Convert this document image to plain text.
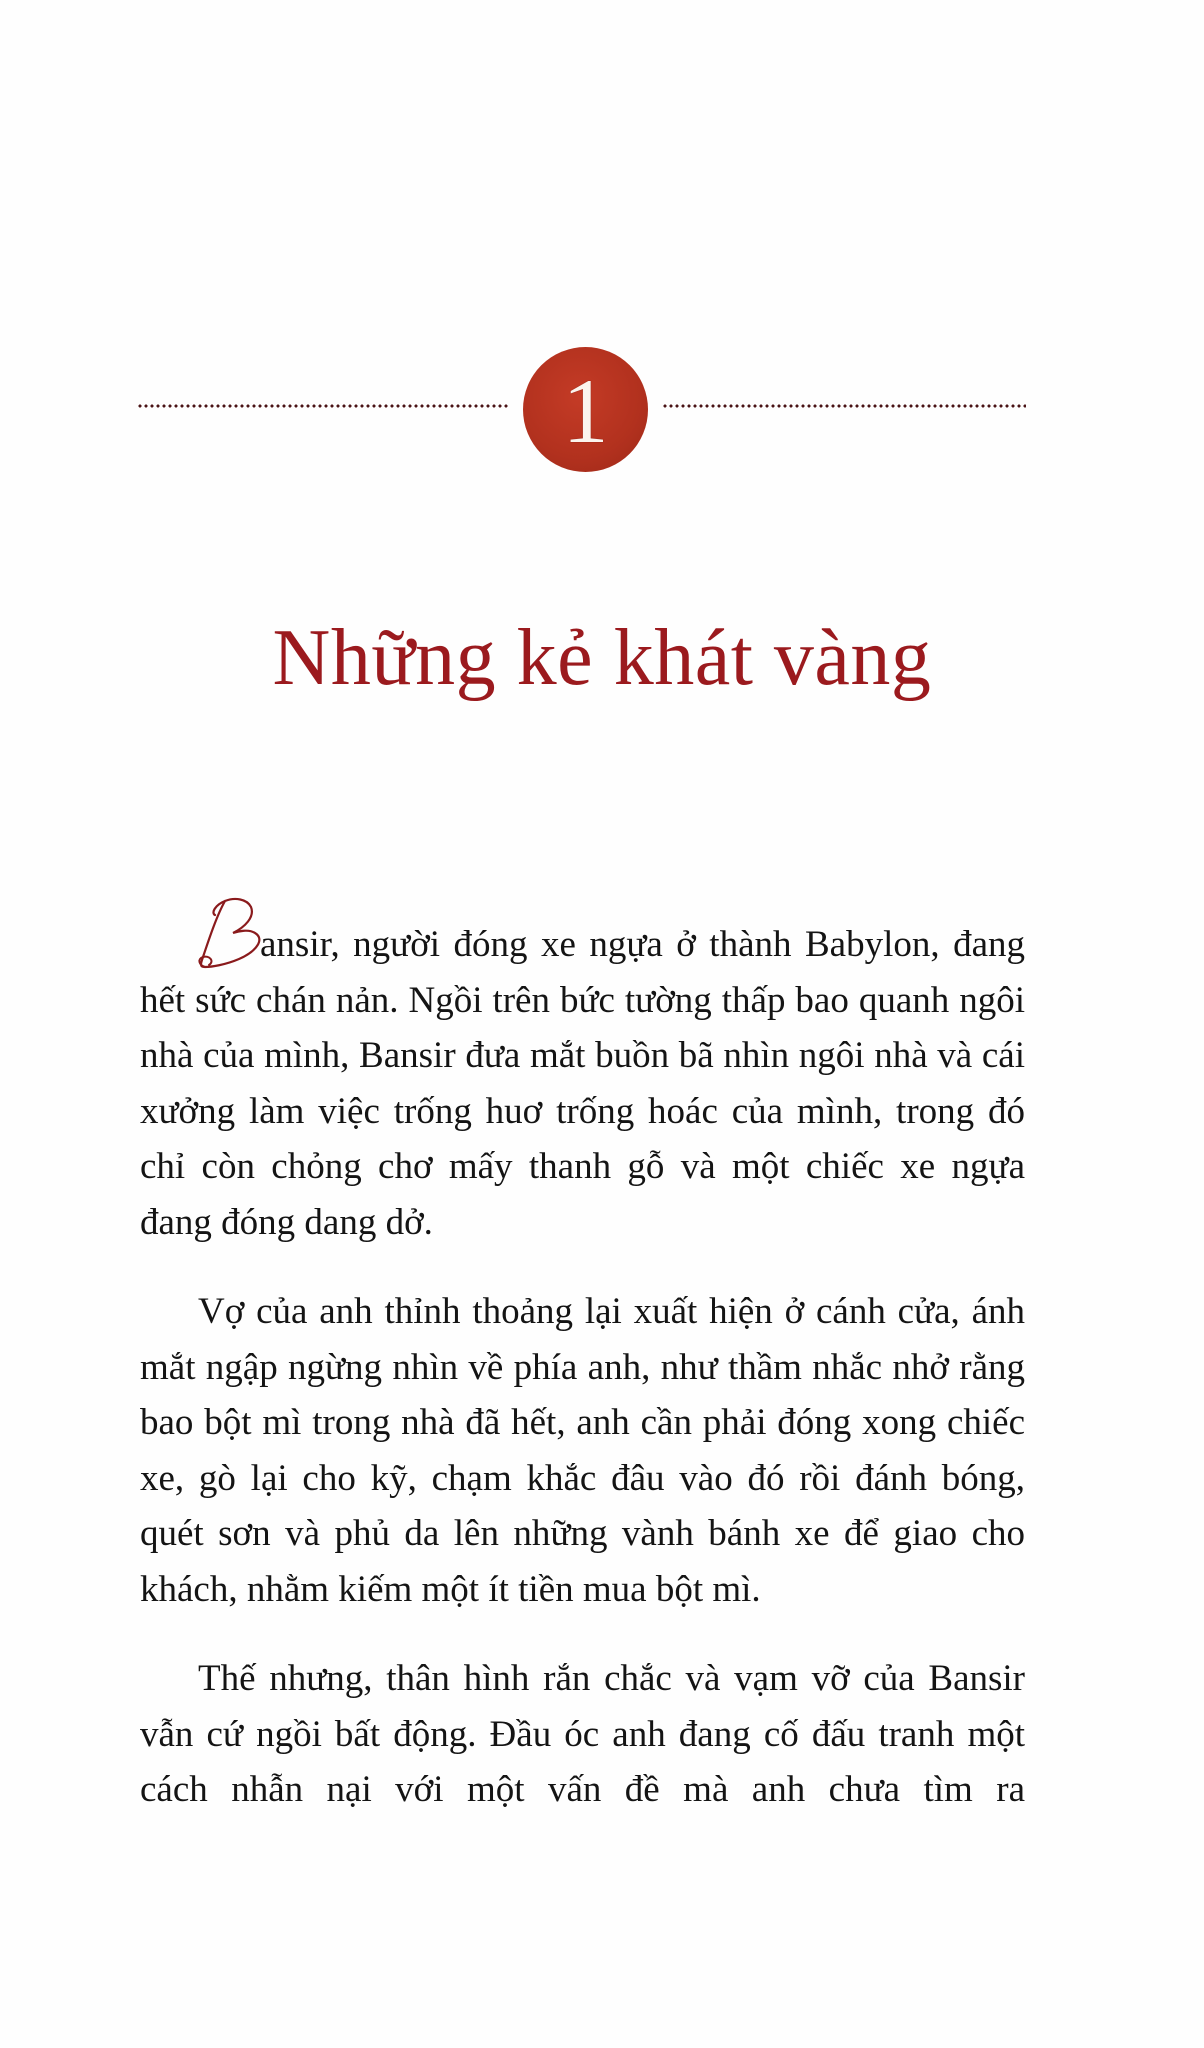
1
Những kẻ khát vàng

ansir, người đóng xe ngựa ở thành Babylon, đang hết sức chán nản. Ngồi trên bức tường thấp bao quanh ngôi nhà của mình, Bansir đưa mắt buồn bã nhìn ngôi nhà và cái xưởng làm việc trống huơ trống hoác của mình, trong đó chỉ còn chỏng chơ mấy thanh gỗ và một chiếc xe ngựa đang đóng dang dở.

Vợ của anh thỉnh thoảng lại xuất hiện ở cánh cửa, ánh mắt ngập ngừng nhìn về phía anh, như thầm nhắc nhở rằng bao bột mì trong nhà đã hết, anh cần phải đóng xong chiếc xe, gò lại cho kỹ, chạm khắc đâu vào đó rồi đánh bóng, quét sơn và phủ da lên những vành bánh xe để giao cho khách, nhằm kiếm một ít tiền mua bột mì.

Thế nhưng, thân hình rắn chắc và vạm vỡ của Bansir vẫn cứ ngồi bất động. Đầu óc anh đang cố đấu tranh một cách nhẫn nại với một vấn đề mà anh chưa tìm ra
